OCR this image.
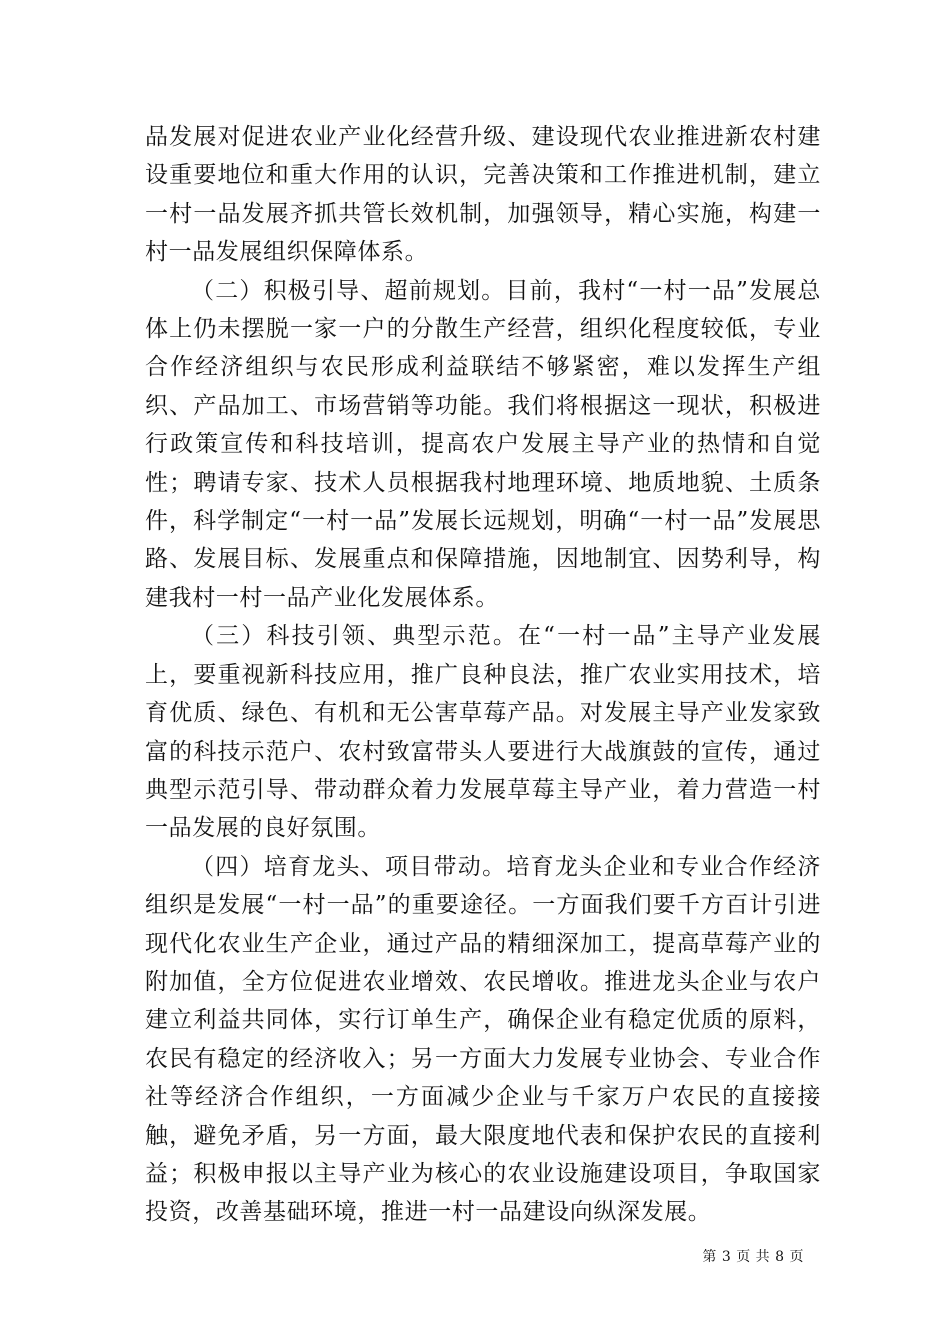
品发展对促进农业产业化经营升级、建设现代农业推进新农村建设重要地位和重大作用的认识，完善决策和工作推进机制，建立一村一品发展齐抓共管长效机制，加强领导，精心实施，构建一村一品发展组织保障体系。

（二）积极引导、超前规划。目前，我村“一村一品”发展总体上仍未摆脱一家一户的分散生产经营，组织化程度较低，专业合作经济组织与农民形成利益联结不够紧密，难以发挥生产组织、产品加工、市场营销等功能。我们将根据这一现状，积极进行政策宣传和科技培训，提高农户发展主导产业的热情和自觉性；聘请专家、技术人员根据我村地理环境、地质地貌、土质条件，科学制定“一村一品”发展长远规划，明确“一村一品”发展思路、发展目标、发展重点和保障措施，因地制宜、因势利导，构建我村一村一品产业化发展体系。

（三）科技引领、典型示范。在“一村一品”主导产业发展上，要重视新科技应用，推广良种良法，推广农业实用技术，培育优质、绿色、有机和无公害草莓产品。对发展主导产业发家致富的科技示范户、农村致富带头人要进行大战旗鼓的宣传，通过典型示范引导、带动群众着力发展草莓主导产业，着力营造一村一品发展的良好氛围。

（四）培育龙头、项目带动。培育龙头企业和专业合作经济组织是发展“一村一品”的重要途径。一方面我们要千方百计引进现代化农业生产企业，通过产品的精细深加工，提高草莓产业的附加值，全方位促进农业增效、农民增收。推进龙头企业与农户建立利益共同体，实行订单生产，确保企业有稳定优质的原料，农民有稳定的经济收入；另一方面大力发展专业协会、专业合作社等经济合作组织，一方面减少企业与千家万户农民的直接接触，避免矛盾，另一方面，最大限度地代表和保护农民的直接利益；积极申报以主导产业为核心的农业设施建设项目，争取国家投资，改善基础环境，推进一村一品建设向纵深发展。

第 3 页 共 8 页
